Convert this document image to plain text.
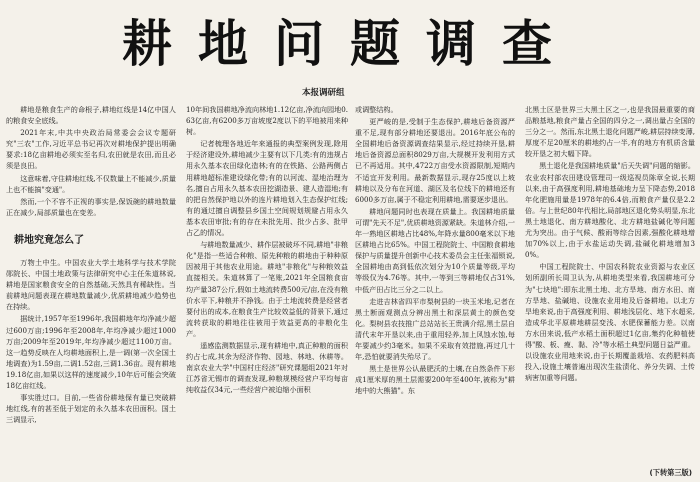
耕地问题调查
本报调研组

耕地是粮食生产的命根子,耕地红线是14亿中国人的粮食安全底线。

2021年末,中共中央政治局常委会会议专题研究"三农"工作,习近平总书记再次对耕地保护提出明确要求:18亿亩耕地必须实至名归,农田就是农田,而且必须是良田。

这意味着,守住耕地红线,不仅数量上不能减少,质量上也不能搞"变通"。

然而,一个不容不正视的事实是,保饭碗的耕地数量正在减少,局部质量也在变差。

耕地究竟怎么了

万物土中生。中国农业大学土地科学与技术学院郧院长、中国土地政策与法律研究中心主任朱道林说,耕地是国家粮食安全的自然基础,天然具有稀缺性。当前耕地问题表现在耕地数量减少,优质耕地减少趋势也在持续。

据统计,1957年至1996年,我国耕地年均净减少超过600万亩;1996年至2008年,年均净减少超过1000万亩;2009年至2019年,年均净减少超过1100万亩。这一趋势反映在人均耕地面积上,是一调(第一次全国土地调查)为1.59亩,二调1.52亩,三调1.36亩。现有耕地19.18亿亩,如果以这样的速度减少,10年后可能会突破18亿亩红线。

事实胜过口。目前,一些省份耕地保有量已突破耕地红线,有的甚至低于划定的永久基本农田面积。国土三调显示,

10年间我国耕地净流向林地1.12亿亩,净流向园地0.63亿亩,有6200多万亩坡度2度以下的平地被用来种树。

记者梳理各地近年来通报的典型案例发现,除用于经济建设外,耕地减少主要有以下几类:有的违规占用永久基本农田绿化造林;有的在铁路、公路两侧占用耕地超标准建设绿化带;有的以河流、湿地治理为名,擅自占用永久基本农田挖湖造景、建人造湿地;有的把自然保护地以外的连片耕地划入生态保护红线;有的通过擅自调整县乡国土空间规划规避占用永久基本农田审批;有的存在未批先用、批少占多、批甲占乙的情况。

与耕地数量减少、耕作层被破坏不同,耕地"非粮化"是指一些适合种粮、原先种粮的耕地由于种种原因被用于其他农业用途。耕地"非粮化"与种粮效益直接相关。朱道林算了一笔账,2021年全国粮食亩均产量387公斤,假如土地流转费500元/亩,在没有粮价水平下,种粮并不挣钱。由于土地流转费是经营者要付出的成本,在粮食生产比较效益低的背景下,通过流转获取的耕地往往被用于效益更高的非粮化生产。

遥感监测数据显示,现有耕地中,真正种粮的面积约占七成,其余为经济作物、园地、林地、休耕等。南京农业大学"中国村庄经济"研究课题组2021年对江苏省无锡市的调查发现,种粮规模经营户平均每亩纯收益仅34元,一些经营户被迫缩小面积

或调整结构。

更严峻的是,受制于生态保护,耕地后备资源严重不足,现有部分耕地还要退出。2016年底公布的全国耕地后备资源调查结果显示,经过持续开垦,耕地后备资源总面积8029万亩,大规模开发利用方式已不再适用。其中,4722万亩受水资源限制,短期内不适宜开发利用。最新数据显示,现存25度以上坡耕地以及分布在河道、湖区及名位线下的耕地还有6000多万亩,属于不稳定利用耕地,需要逐步退出。

耕地问题同时也表现在质量上。我国耕地质量可谓"先天不足",优质耕地资源紧缺。朱道林介绍,一年一熟地区耕地占比48%,年降水量800毫米以下地区耕地占比65%。中国工程院院士、中国粮食耕地保护与质量提升创新中心技术委员会主任张福锁说,全国耕地由高到低依次划分为10个质量等级,平均等级仅为4.76等。其中,一等到三等耕地仅占31%,中低产田占比三分之二以上。

走进吉林省四平市梨树县的一块玉米地,记者在黑土断面观测点分辨出黑土和深层黄土的颜色变化。梨树县农技推广总站站长王贵满介绍,黑土层自清代末年开垦以来,由于重用轻养,加上风蚀水蚀,每年要减少约3毫米。如果不采取有效措施,再过几十年,恐怕就要消失殆尽了。

黑土是世界公认最肥沃的土壤,在自然条件下形成1厘米厚的黑土层需要200年至400年,被称为"耕地中的大熊猫"。东

北黑土区是世界三大黑土区之一,也是我国最重要的商品粮基地,粮食产量占全国的四分之一,调出量占全国的三分之一。然而,东北黑土退化问题严峻,耕层持续变薄,厚度不足20厘米的耕地约占一半,有的地方有机质含量较开垦之初大幅下降。

黑土退化是我国耕地质量"后天失调"问题的缩影。农业农村部农田建设管理司一级巡视员陈章全说,长期以来,由于高强度利用,耕地基础地力呈下降态势,2018年化肥施用量是1978年的6.4倍,而粮食产量仅是2.2倍。与上世纪80年代相比,局部地区退化势头明显,东北黑土地退化、南方耕地酸化、北方耕地盐碱化等问题尤为突出。由于气候、酸雨等综合因素,强酸化耕地增加70%以上,由于水盐运动失调,盐碱化耕地增加30%。

中国工程院院士、中国农科院农业资源与农业区划所副所长周卫认为,从耕地类型来看,我国耕地可分为"七块地":即东北黑土地、北方旱地、南方水田、南方旱地、盐碱地、设施农业用地及后备耕地。以北方旱地来说,由于高强度利用、耕地浅层化、地下水超采,造成华北平原耕地耕层变浅、水肥保蓄能力差。以南方水田来说,低产水稻土面积超过1亿亩,集约化种植使得"酸、板、瘦、黏、冷"等水稻土典型问题日益严重。以设施农业用地来说,由于长期覆盖栽培、农药肥料高投入,设施土壤普遍出现次生盐渍化、养分失调、土传病害加重等问题。

(下转第三版)
